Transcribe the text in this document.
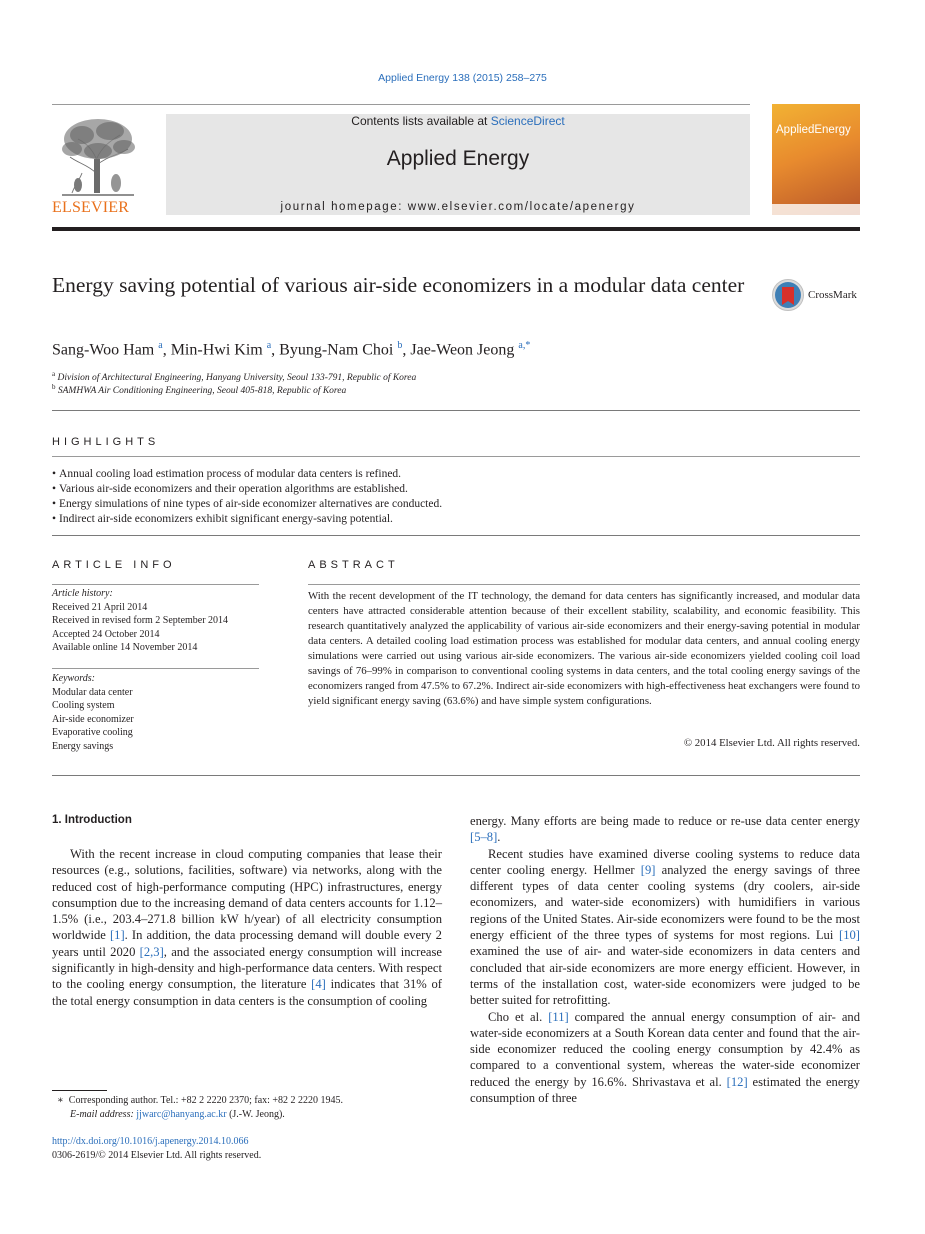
Applied Energy 138 (2015) 258–275
ELSEVIER
Contents lists available at ScienceDirect
Applied Energy
journal homepage: www.elsevier.com/locate/apenergy
AppliedEnergy
Energy saving potential of various air-side economizers in a modular data center	CrossMark
Sang-Woo Ham $^a$, Min-Hwi Kim $^a$, Byung-Nam Choi $^b$, Jae-Weon Jeong $^{a,*}$
$^a$ Division of Architectural Engineering, Hanyang University, Seoul 133-791, Republic of Korea
$^b$ SAMHWA Air Conditioning Engineering, Seoul 405-818, Republic of Korea
HIGHLIGHTS
• Annual cooling load estimation process of modular data centers is refined.
• Various air-side economizers and their operation algorithms are established.
• Energy simulations of nine types of air-side economizer alternatives are conducted.
• Indirect air-side economizers exhibit significant energy-saving potential.
ARTICLE INFO
Article history:
Received 21 April 2014
Received in revised form 2 September 2014
Accepted 24 October 2014
Available online 14 November 2014
Keywords:
Modular data center
Cooling system
Air-side economizer
Evaporative cooling
Energy savings
ABSTRACT
With the recent development of the IT technology, the demand for data centers has significantly increased, and modular data centers have attracted considerable attention because of their excellent stability, scalability, and economic feasibility. This research quantitatively analyzed the applicability of various air-side economizers and their energy-saving potential in modular data centers. A detailed cooling load estimation process was established for modular data centers, and annual cooling energy simulations were carried out using various air-side economizers. The various air-side economizers yielded cooling coil load savings of 76–99% in comparison to conventional cooling systems in data centers, and the total cooling energy savings of the economizers ranged from 47.5% to 67.2%. Indirect air-side economizers with high-effectiveness heat exchangers were found to yield significant energy saving (63.6%) and have simple system configurations.
© 2014 Elsevier Ltd. All rights reserved.
1. Introduction

With the recent increase in cloud computing companies that lease their resources (e.g., solutions, facilities, software) via networks, along with the reduced cost of high-performance computing (HPC) infrastructures, energy consumption due to the increasing demand of data centers accounts for 1.12–1.5% (i.e., 203.4–271.8 billion kW h/year) of all electricity consumption worldwide [1]. In addition, the data processing demand will double every 2 years until 2020 [2,3], and the associated energy consumption will increase significantly in high-density and high-performance data centers. With respect to the cooling energy consumption, the literature [4] indicates that 31% of the total energy consumption in data centers is the consumption of cooling

energy. Many efforts are being made to reduce or re-use data center energy [5–8].

Recent studies have examined diverse cooling systems to reduce data center cooling energy. Hellmer [9] analyzed the energy savings of three different types of data center cooling systems (dry coolers, air-side economizers, and water-side economizers) with humidifiers in various regions of the United States. Air-side economizers were found to be the most energy efficient of the three types of systems for most regions. Lui [10] examined the use of air- and water-side economizers in data centers and concluded that air-side economizers are more energy efficient. However, in terms of the installation cost, water-side economizers were judged to be better suited for retrofitting.

Cho et al. [11] compared the annual energy consumption of air- and water-side economizers at a South Korean data center and found that the air-side economizer reduced the cooling energy consumption by 42.4% as compared to a conventional system, whereas the water-side economizer reduced the energy by 16.6%. Shrivastava et al. [12] estimated the energy consumption of three

∗ Corresponding author. Tel.: +82 2 2220 2370; fax: +82 2 2220 1945.
E-mail address: jjwarc@hanyang.ac.kr (J.-W. Jeong).
http://dx.doi.org/10.1016/j.apenergy.2014.10.066
0306-2619/© 2014 Elsevier Ltd. All rights reserved.
